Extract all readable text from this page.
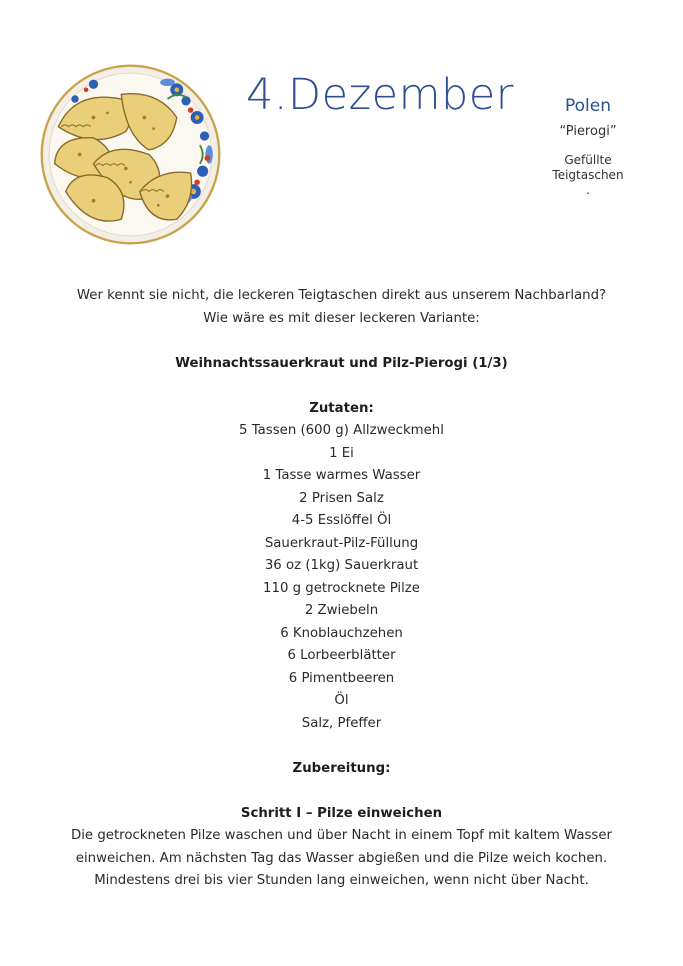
4.Dezember	Polen
“Pierogi”
Gefüllte
Teigtaschen
.
Wer kennt sie nicht, die leckeren Teigtaschen direkt aus unserem Nachbarland?
Wie wäre es mit dieser leckeren Variante:
Weihnachtssauerkraut und Pilz-Pierogi (1/3)
Zutaten:
5 Tassen (600 g) Allzweckmehl
1 Ei
1 Tasse warmes Wasser
2 Prisen Salz
4-5 Esslöffel Öl
Sauerkraut-Pilz-Füllung
36 oz (1kg) Sauerkraut
110 g getrocknete Pilze
2 Zwiebeln
6 Knoblauchzehen
6 Lorbeerblätter
6 Pimentbeeren
Öl
Salz, Pfeffer
Zubereitung:
Schritt I – Pilze einweichen
Die getrockneten Pilze waschen und über Nacht in einem Topf mit kaltem Wasser
einweichen. Am nächsten Tag das Wasser abgießen und die Pilze weich kochen.
Mindestens drei bis vier Stunden lang einweichen, wenn nicht über Nacht.
